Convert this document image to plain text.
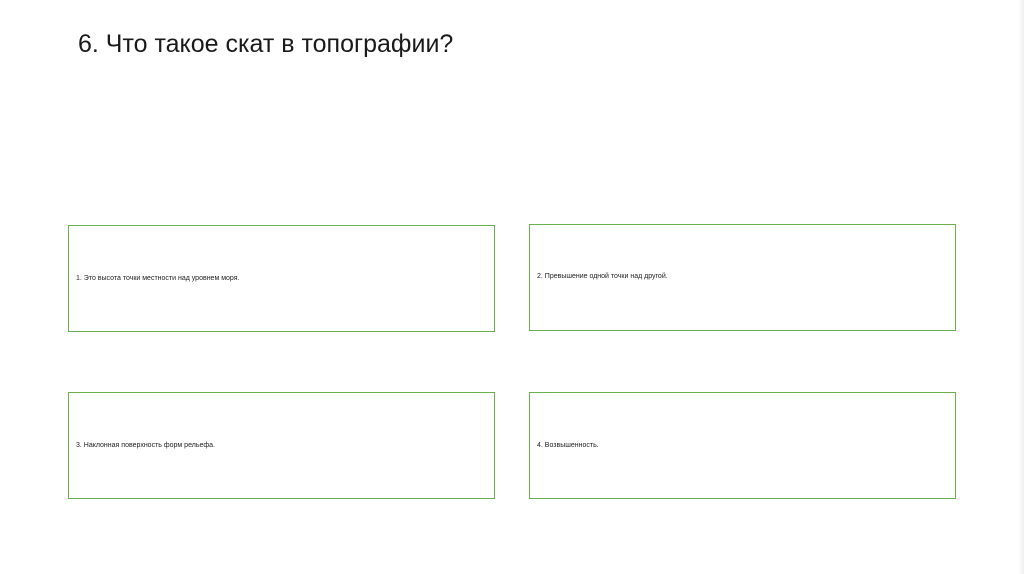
6. Что такое скат в топографии?
1. Это высота точки местности над уровнем моря.	2. Превышение одной точки над другой.
3. Наклонная поверхность форм рельефа.	4. Возвышенность.
